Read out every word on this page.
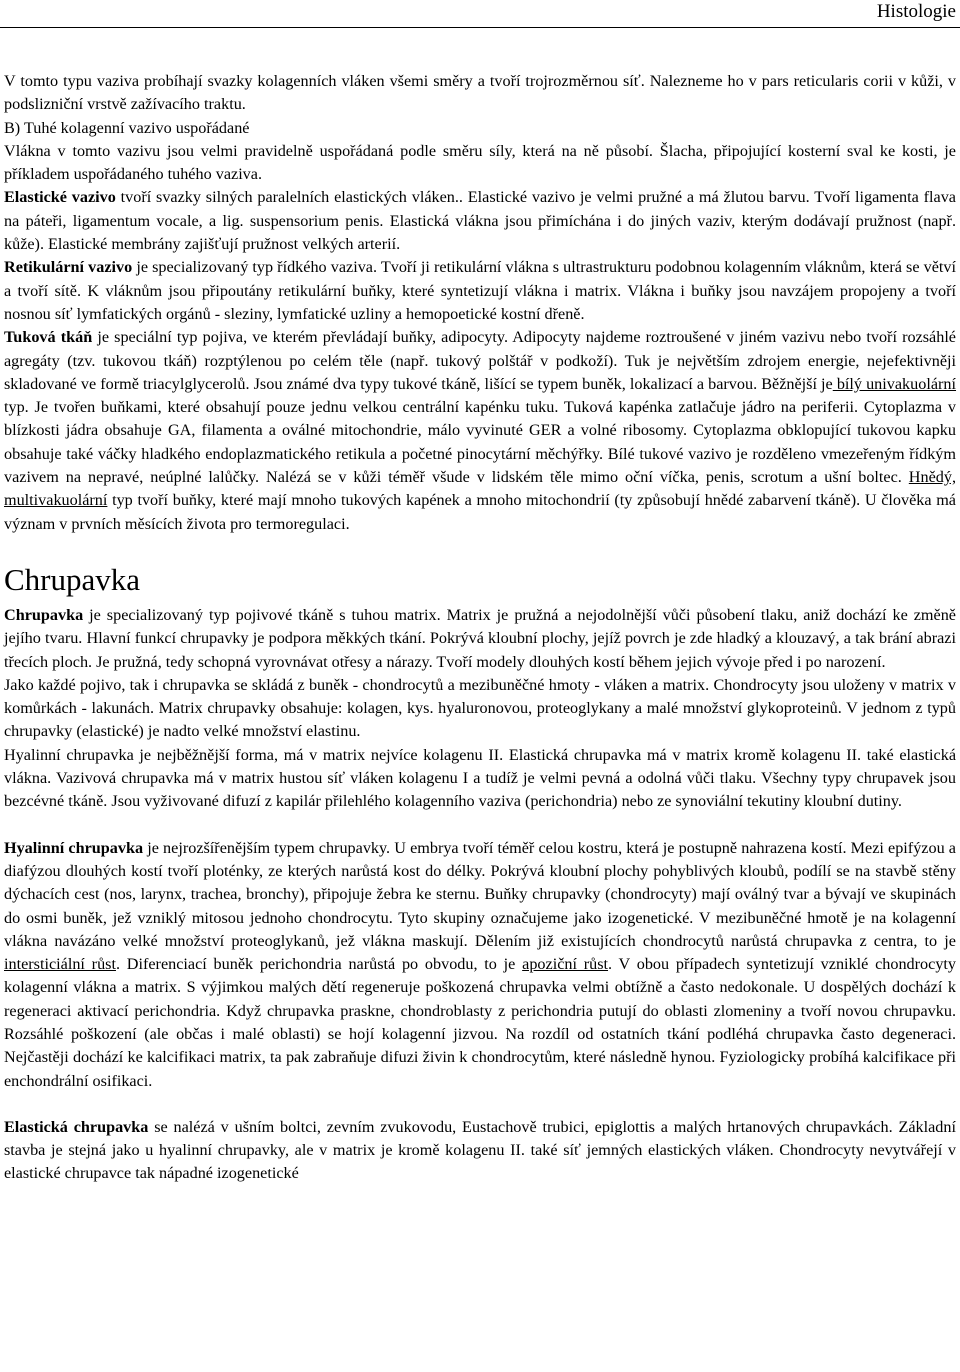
Histologie

V tomto typu vaziva probíhají svazky kolagenních vláken všemi směry a tvoří trojrozměrnou síť. Nalezneme ho v pars reticularis corii v kůži, v podslizniční vrstvě zažívacího traktu.

B) Tuhé kolagenní vazivo uspořádané

Vlákna v tomto vazivu jsou velmi pravidelně uspořádaná podle směru síly, která na ně působí. Šlacha, připojující kosterní sval ke kosti, je příkladem uspořádaného tuhého vaziva.

Elastické vazivo tvoří svazky silných paralelních elastických vláken.. Elastické vazivo je velmi pružné a má žlutou barvu. Tvoří ligamenta flava na páteři, ligamentum vocale, a lig. suspensorium penis. Elastická vlákna jsou přimíchána i do jiných vaziv, kterým dodávají pružnost (např. kůže). Elastické membrány zajišťují pružnost velkých arterií.

Retikulární vazivo je specializovaný typ řídkého vaziva. Tvoří ji retikulární vlákna s ultrastrukturu podobnou kolagenním vláknům, která se větví a tvoří sítě. K vláknům jsou připoutány retikulární buňky, které syntetizují vlákna i matrix. Vlákna i buňky jsou navzájem propojeny a tvoří nosnou síť lymfatických orgánů - sleziny, lymfatické uzliny a hemopoetické kostní dřeně.

Tuková tkáň je speciální typ pojiva, ve kterém převládají buňky, adipocyty. Adipocyty najdeme roztroušené v jiném vazivu nebo tvoří rozsáhlé agregáty (tzv. tukovou tkáň) rozptýlenou po celém těle (např. tukový polštář v podkoží). Tuk je největším zdrojem energie, nejefektivněji skladované ve formě triacylglycerolů. Jsou známé dva typy tukové tkáně, lišící se typem buněk, lokalizací a barvou. Běžnější je bílý univakuolární typ. Je tvořen buňkami, které obsahují pouze jednu velkou centrální kapénku tuku. Tuková kapénka zatlačuje jádro na periferii. Cytoplazma v blízkosti jádra obsahuje GA, filamenta a oválné mitochondrie, málo vyvinuté GER a volné ribosomy. Cytoplazma obklopující tukovou kapku obsahuje také váčky hladkého endoplazmatického retikula a početné pinocytární měchýřky. Bílé tukové vazivo je rozděleno vmezeřeným řídkým vazivem na nepravé, neúplné lalůčky. Nalézá se v kůži téměř všude v lidském těle mimo oční víčka, penis, scrotum a ušní boltec. Hnědý, multivakuolární typ tvoří buňky, které mají mnoho tukových kapének a mnoho mitochondrií (ty způsobují hnědé zabarvení tkáně). U člověka má význam v prvních měsících života pro termoregulaci.

Chrupavka

Chrupavka je specializovaný typ pojivové tkáně s tuhou matrix. Matrix je pružná a nejodolnější vůči působení tlaku, aniž dochází ke změně jejího tvaru. Hlavní funkcí chrupavky je podpora měkkých tkání. Pokrývá kloubní plochy, jejíž povrch je zde hladký a klouzavý, a tak brání abrazi třecích ploch. Je pružná, tedy schopná vyrovnávat otřesy a nárazy. Tvoří modely dlouhých kostí během jejich vývoje před i po narození.

Jako každé pojivo, tak i chrupavka se skládá z buněk - chondrocytů a mezibuněčné hmoty - vláken a matrix. Chondrocyty jsou uloženy v matrix v komůrkách - lakunách. Matrix chrupavky obsahuje: kolagen, kys. hyaluronovou, proteoglykany a malé množství glykoproteinů. V jednom z typů chrupavky (elastické) je nadto velké množství elastinu.

Hyalinní chrupavka je nejběžnější forma, má v matrix nejvíce kolagenu II. Elastická chrupavka má v matrix kromě kolagenu II. také elastická vlákna. Vazivová chrupavka má v matrix hustou síť vláken kolagenu I a tudíž je velmi pevná a odolná vůči tlaku. Všechny typy chrupavek jsou bezcévné tkáně. Jsou vyživované difuzí z kapilár přilehlého kolagenního vaziva (perichondria) nebo ze synoviální tekutiny kloubní dutiny.

Hyalinní chrupavka je nejrozšířenějším typem chrupavky. U embrya tvoří téměř celou kostru, která je postupně nahrazena kostí. Mezi epifýzou a diafýzou dlouhých kostí tvoří ploténky, ze kterých narůstá kost do délky. Pokrývá kloubní plochy pohyblivých kloubů, podílí se na stavbě stěny dýchacích cest (nos, larynx, trachea, bronchy), připojuje žebra ke sternu. Buňky chrupavky (chondrocyty) mají oválný tvar a bývají ve skupinách do osmi buněk, jež vzniklý mitosou jednoho chondrocytu. Tyto skupiny označujeme jako izogenetické. V mezibuněčné hmotě je na kolagenní vlákna navázáno velké množství proteoglykanů, jež vlákna maskují. Dělením již existujících chondrocytů narůstá chrupavka z centra, to je intersticiální růst. Diferenciací buněk perichondria narůstá po obvodu, to je apoziční růst. V obou případech syntetizují vzniklé chondrocyty kolagenní vlákna a matrix. S výjimkou malých dětí regeneruje poškozená chrupavka velmi obtížně a často nedokonale. U dospělých dochází k regeneraci aktivací perichondria. Když chrupavka praskne, chondroblasty z perichondria putují do oblasti zlomeniny a tvoří novou chrupavku. Rozsáhlé poškození (ale občas i malé oblasti) se hojí kolagenní jizvou. Na rozdíl od ostatních tkání podléhá chrupavka často degeneraci. Nejčastěji dochází ke kalcifikaci matrix, ta pak zabraňuje difuzi živin k chondrocytům, které následně hynou. Fyziologicky probíhá kalcifikace při enchondrální osifikaci.

Elastická chrupavka se nalézá v ušním boltci, zevním zvukovodu, Eustachově trubici, epiglottis a malých hrtanových chrupavkách. Základní stavba je stejná jako u hyalinní chrupavky, ale v matrix je kromě kolagenu II. také síť jemných elastických vláken. Chondrocyty nevytvářejí v elastické chrupavce tak nápadné izogenetické
